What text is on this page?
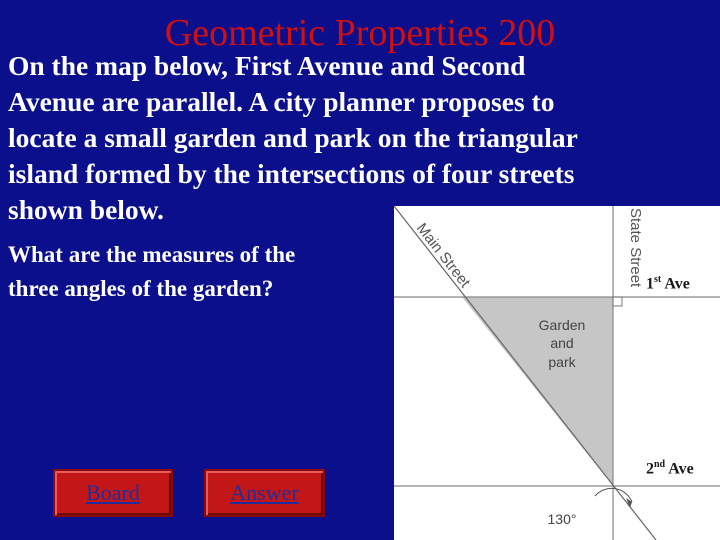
Geometric Properties 200

On the map below, First Avenue and Second
Avenue are parallel. A city planner proposes to
locate a small garden and park on the triangular
island formed by the intersections of four streets
shown below.

What are the measures of the
three angles of the garden?

Board	Answer
Main Street	State Street
Garden
and
park
130°
1st Ave
2nd Ave
